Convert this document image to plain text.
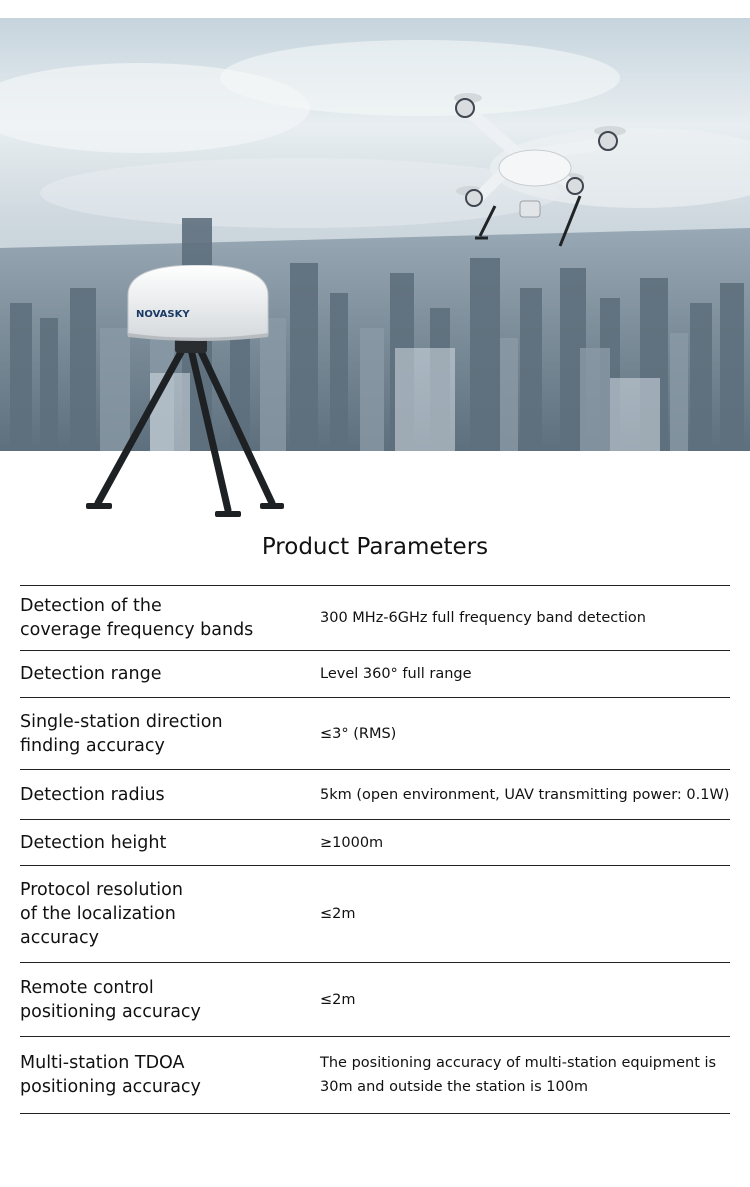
NOVASKY
Product Parameters
Detection of the
coverage frequency bands	300 MHz-6GHz full frequency band detection

Detection range	Level 360° full range

Single-station direction
finding accuracy	≤3° (RMS)

Detection radius	5km (open environment, UAV transmitting power: 0.1W)

Detection height	≥1000m

Protocol resolution
of the localization
accuracy	≤2m

Remote control
positioning accuracy	≤2m

Multi-station TDOA
positioning accuracy	The positioning accuracy of multi-station equipment is
30m and outside the station is 100m
